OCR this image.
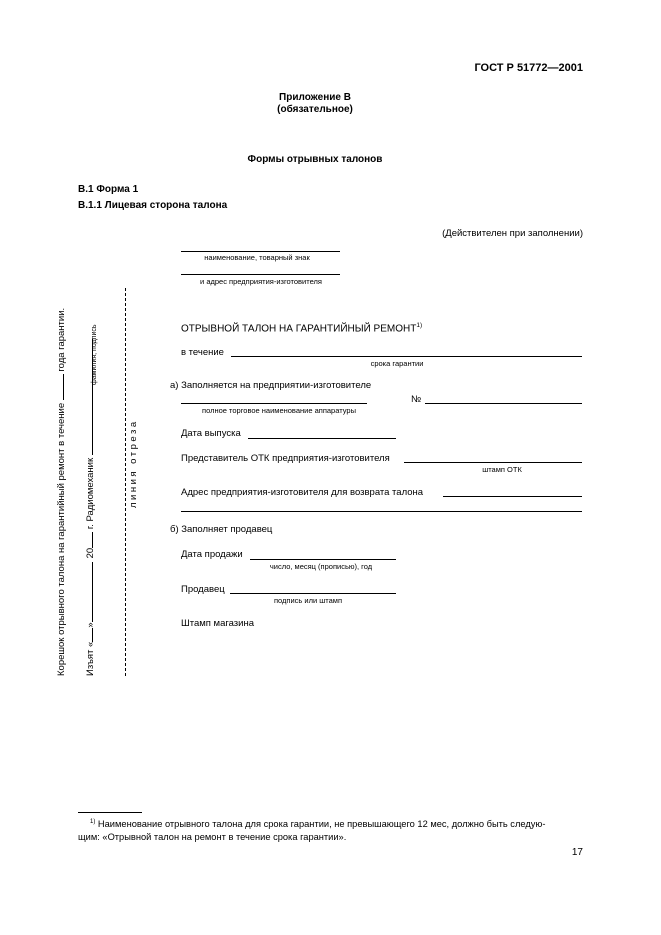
ГОСТ Р 51772—2001
Приложение В
(обязательное)
Формы отрывных талонов
В.1 Форма 1
В.1.1 Лицевая сторона талона
(Действителен при заполнении)
наименование, товарный знак
и адрес предприятия-изготовителя
ОТРЫВНОЙ ТАЛОН НА ГАРАНТИЙНЫЙ РЕМОНТ$^{1)}$
в течение
срока гарантии
а) Заполняется на предприятии-изготовителе
полное торговое наименование аппаратуры
№
Дата выпуска
Представитель ОТК предприятия-изготовителя
штамп ОТК
Адрес предприятия-изготовителя для возврата талона
б) Заполняет продавец
Дата продажи
число, месяц (прописью), год
Продавец
подпись или штамп
Штамп магазина
Корешок отрывного талона на гарантийный ремонт в течение  года гарантии.
Изъят «»20 г. Радиомеханик
фамилия, подпись
линия отреза
$^{1)}$ Наименование отрывного талона для срока гарантии, не превышающего 12 мес, должно быть следую-
щим: «Отрывной талон на ремонт в течение срока гарантии».
17
